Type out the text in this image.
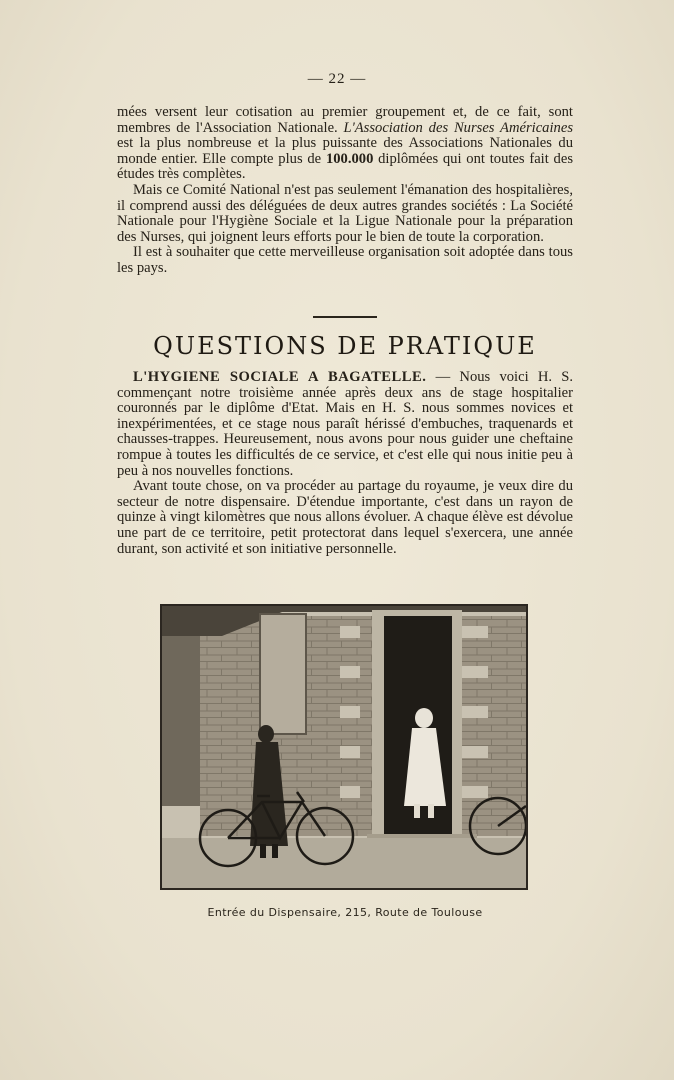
— 22 —

mées versent leur cotisation au premier groupement et, de ce fait, sont membres de l'Association Nationale. L'Association des Nurses Américaines est la plus nombreuse et la plus puissante des Associations Nationales du monde entier. Elle compte plus de 100.000 diplômées qui ont toutes fait des études très complètes.

Mais ce Comité National n'est pas seulement l'émanation des hospitalières, il comprend aussi des déléguées de deux autres grandes sociétés : La Société Nationale pour l'Hygiène Sociale et la Ligue Nationale pour la préparation des Nurses, qui joignent leurs efforts pour le bien de toute la corporation.

Il est à souhaiter que cette merveilleuse organisation soit adoptée dans tous les pays.

QUESTIONS DE PRATIQUE

L'HYGIENE SOCIALE A BAGATELLE. — Nous voici H. S. commençant notre troisième année après deux ans de stage hospitalier couronnés par le diplôme d'Etat. Mais en H. S. nous sommes novices et inexpérimentées, et ce stage nous paraît hérissé d'embuches, traquenards et chausses-trappes. Heureusement, nous avons pour nous guider une cheftaine rompue à toutes les difficultés de ce service, et c'est elle qui nous initie peu à peu à nos nouvelles fonctions.

Avant toute chose, on va procéder au partage du royaume, je veux dire du secteur de notre dispensaire. D'étendue importante, c'est dans un rayon de quinze à vingt kilomètres que nous allons évoluer. A chaque élève est dévolue une part de ce territoire, petit protectorat dans lequel s'exercera, une année durant, son activité et son initiative personnelle.

Entrée du Dispensaire, 215, Route de Toulouse
